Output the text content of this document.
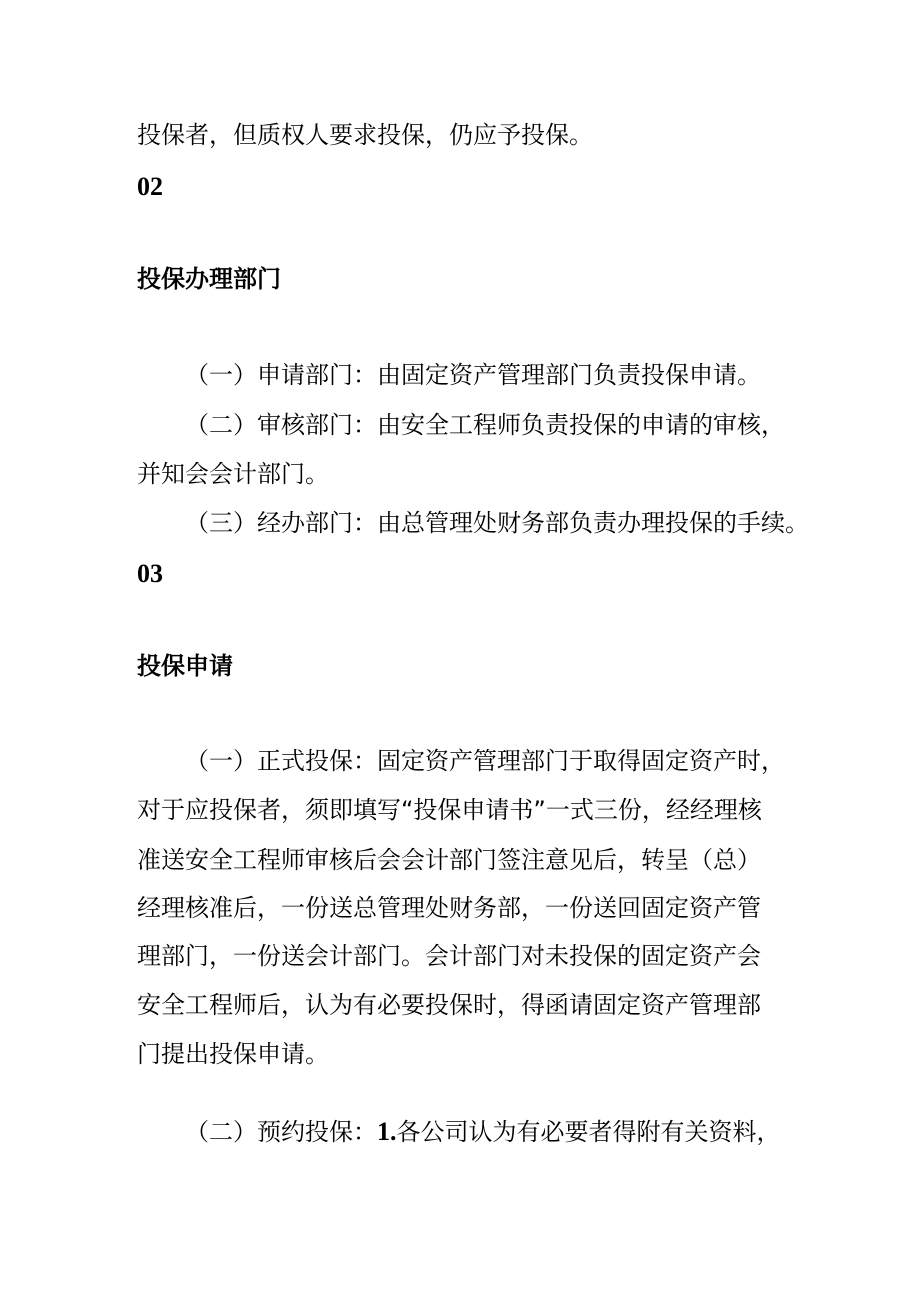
投保者，但质权人要求投保，仍应予投保。
02
投保办理部门
（一）申请部门：由固定资产管理部门负责投保申请。
（二）审核部门：由安全工程师负责投保的申请的审核，
并知会会计部门。
（三）经办部门：由总管理处财务部负责办理投保的手续。
03
投保申请
（一）正式投保：固定资产管理部门于取得固定资产时，
对于应投保者，须即填写“投保申请书”一式三份，经经理核
准送安全工程师审核后会会计部门签注意见后，转呈（总）
经理核准后，一份送总管理处财务部，一份送回固定资产管
理部门，一份送会计部门。会计部门对未投保的固定资产会
安全工程师后，认为有必要投保时，得函请固定资产管理部
门提出投保申请。
（二）预约投保：1.各公司认为有必要者得附有关资料，
